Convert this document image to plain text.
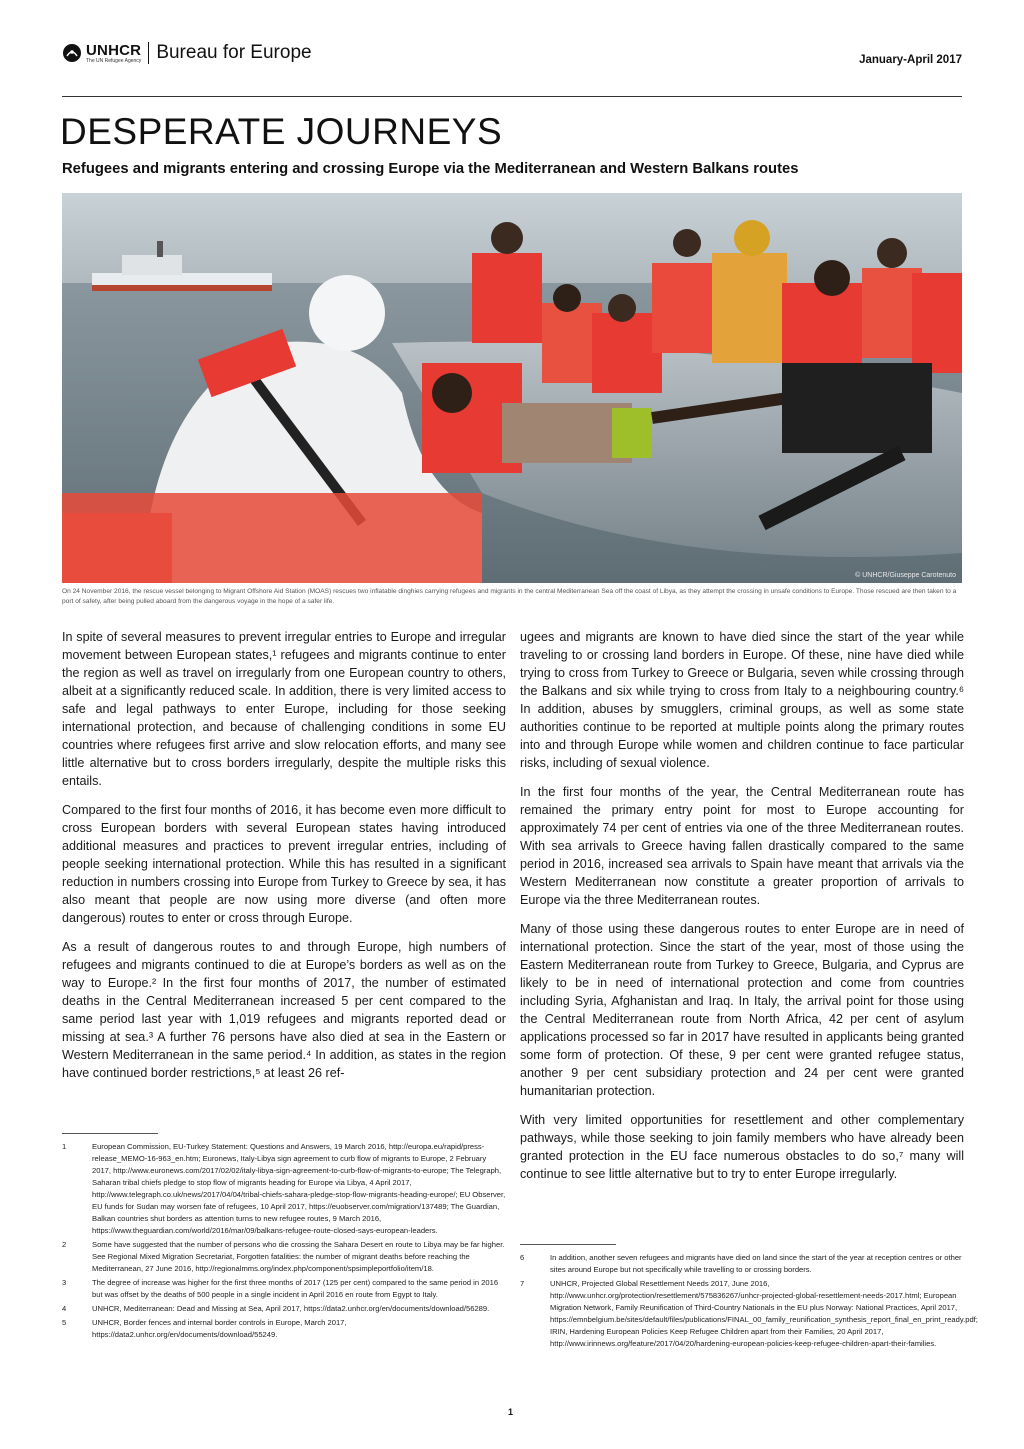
UNHCR
The UN Refugee Agency Bureau for Europe	January-April 2017
DESPERATE JOURNEYS
Refugees and migrants entering and crossing Europe via the Mediterranean and Western Balkans routes
© UNHCR/Giuseppe Carotenuto

On 24 November 2016, the rescue vessel belonging to Migrant Offshore Aid Station (MOAS) rescues two inflatable dinghies carrying refugees and migrants in the central Mediterranean Sea off the coast of Libya, as they attempt the crossing in unsafe conditions to Europe. Those rescued are then taken to a port of safety, after being pulled aboard from the dangerous voyage in the hope of a safer life.

In spite of several measures to prevent irregular entries to Europe and irregular movement between European states,¹ refugees and migrants continue to enter the region as well as travel on irregularly from one European country to others, albeit at a significantly reduced scale. In addition, there is very limited access to safe and legal pathways to enter Europe, including for those seeking international protection, and because of challenging conditions in some EU countries where refugees first arrive and slow relocation efforts, and many see little alternative but to cross borders irregularly, despite the multiple risks this entails.

Compared to the first four months of 2016, it has become even more difficult to cross European borders with several European states having introduced additional measures and practices to prevent irregular entries, including of people seeking international protection. While this has resulted in a significant reduction in numbers crossing into Europe from Turkey to Greece by sea, it has also meant that people are now using more diverse (and often more dangerous) routes to enter or cross through Europe.

As a result of dangerous routes to and through Europe, high numbers of refugees and migrants continued to die at Europe’s borders as well as on the way to Europe.² In the first four months of 2017, the number of estimated deaths in the Central Mediterranean increased 5 per cent compared to the same period last year with 1,019 refugees and migrants reported dead or missing at sea.³ A further 76 persons have also died at sea in the Eastern or Western Mediterranean in the same period.⁴ In addition, as states in the region have continued border restrictions,⁵ at least 26 ref-

ugees and migrants are known to have died since the start of the year while traveling to or crossing land borders in Europe. Of these, nine have died while trying to cross from Turkey to Greece or Bulgaria, seven while crossing through the Balkans and six while trying to cross from Italy to a neighbouring country.⁶ In addition, abuses by smugglers, criminal groups, as well as some state authorities continue to be reported at multiple points along the primary routes into and through Europe while women and children continue to face particular risks, including of sexual violence.

In the first four months of the year, the Central Mediterranean route has remained the primary entry point for most to Europe accounting for approximately 74 per cent of entries via one of the three Mediterranean routes. With sea arrivals to Greece having fallen drastically compared to the same period in 2016, increased sea arrivals to Spain have meant that arrivals via the Western Mediterranean now constitute a greater proportion of arrivals to Europe via the three Mediterranean routes.

Many of those using these dangerous routes to enter Europe are in need of international protection. Since the start of the year, most of those using the Eastern Mediterranean route from Turkey to Greece, Bulgaria, and Cyprus are likely to be in need of international protection and come from countries including Syria, Afghanistan and Iraq. In Italy, the arrival point for those using the Central Mediterranean route from North Africa, 42 per cent of asylum applications processed so far in 2017 have resulted in applicants being granted some form of protection. Of these, 9 per cent were granted refugee status, another 9 per cent subsidiary protection and 24 per cent were granted humanitarian protection.

With very limited opportunities for resettlement and other complementary pathways, while those seeking to join family members who have already been granted protection in the EU face numerous obstacles to do so,⁷ many will continue to see little alternative but to try to enter Europe irregularly.

1	European Commission, EU-Turkey Statement: Questions and Answers, 19 March 2016, http://europa.eu/rapid/press-release_MEMO-16-963_en.htm; Euronews, Italy-Libya sign agreement to curb flow of migrants to Europe, 2 February 2017, http://www.euronews.com/2017/02/02/italy-libya-sign-agreement-to-curb-flow-of-migrants-to-europe; The Telegraph, Saharan tribal chiefs pledge to stop flow of migrants heading for Europe via Libya, 4 April 2017, http://www.telegraph.co.uk/news/2017/04/04/tribal-chiefs-sahara-pledge-stop-flow-migrants-heading-europe/; EU Observer, EU funds for Sudan may worsen fate of refugees, 10 April 2017, https://euobserver.com/migration/137489; The Guardian, Balkan countries shut borders as attention turns to new refugee routes, 9 March 2016, https://www.theguardian.com/world/2016/mar/09/balkans-refugee-route-closed-says-european-leaders.
2	Some have suggested that the number of persons who die crossing the Sahara Desert en route to Libya may be far higher. See Regional Mixed Migration Secretariat, Forgotten fatalities: the number of migrant deaths before reaching the Mediterranean, 27 June 2016, http://regionalmms.org/index.php/component/spsimpleportfolio/item/18.
3	The degree of increase was higher for the first three months of 2017 (125 per cent) compared to the same period in 2016 but was offset by the deaths of 500 people in a single incident in April 2016 en route from Egypt to Italy.
4	UNHCR, Mediterranean: Dead and Missing at Sea, April 2017, https://data2.unhcr.org/en/documents/download/56289.
5	UNHCR, Border fences and internal border controls in Europe, March 2017, https://data2.unhcr.org/en/documents/download/55249.
6	In addition, another seven refugees and migrants have died on land since the start of the year at reception centres or other sites around Europe but not specifically while travelling to or crossing borders.
7	UNHCR, Projected Global Resettlement Needs 2017, June 2016, http://www.unhcr.org/protection/resettlement/575836267/unhcr-projected-global-resettlement-needs-2017.html; European Migration Network, Family Reunification of Third-Country Nationals in the EU plus Norway: National Practices, April 2017, https://emnbelgium.be/sites/default/files/publications/FINAL_00_family_reunification_synthesis_report_final_en_print_ready.pdf; IRIN, Hardening European Policies Keep Refugee Children apart from their Families, 20 April 2017, http://www.irinnews.org/feature/2017/04/20/hardening-european-policies-keep-refugee-children-apart-their-families.
1
